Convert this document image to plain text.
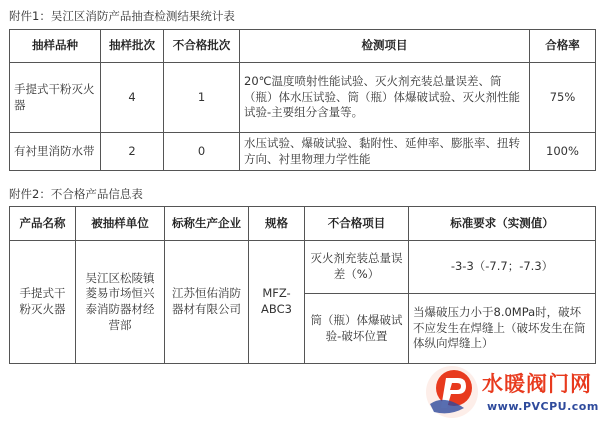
附件1：吴江区消防产品抽查检测结果统计表
抽样品种	抽样批次	不合格批次	检测项目	合格率
手提式干粉灭火器	4	1	20℃温度喷射性能试验、灭火剂充装总量误差、筒（瓶）体水压试验、筒（瓶）体爆破试验、灭火剂性能试验-主要组分含量等。	75%
有衬里消防水带	2	0	水压试验、爆破试验、黏附性、延伸率、膨胀率、扭转方向、衬里物理力学性能	100%
附件2：不合格产品信息表
产品名称	被抽样单位	标称生产企业	规格	不合格项目	标准要求（实测值）
手提式干粉灭火器	吴江区松陵镇菱易市场恒兴泰消防器材经营部	江苏恒佑消防器材有限公司	MFZ-ABC3	灭火剂充装总量误差（%）	-3-3（-7.7；-7.3）
				筒（瓶）体爆破试验-破坏位置	当爆破压力小于8.0MPa时，破坏不应发生在焊缝上（破坏发生在筒体纵向焊缝上）
水暖阀门网
www.PVCPU.com
